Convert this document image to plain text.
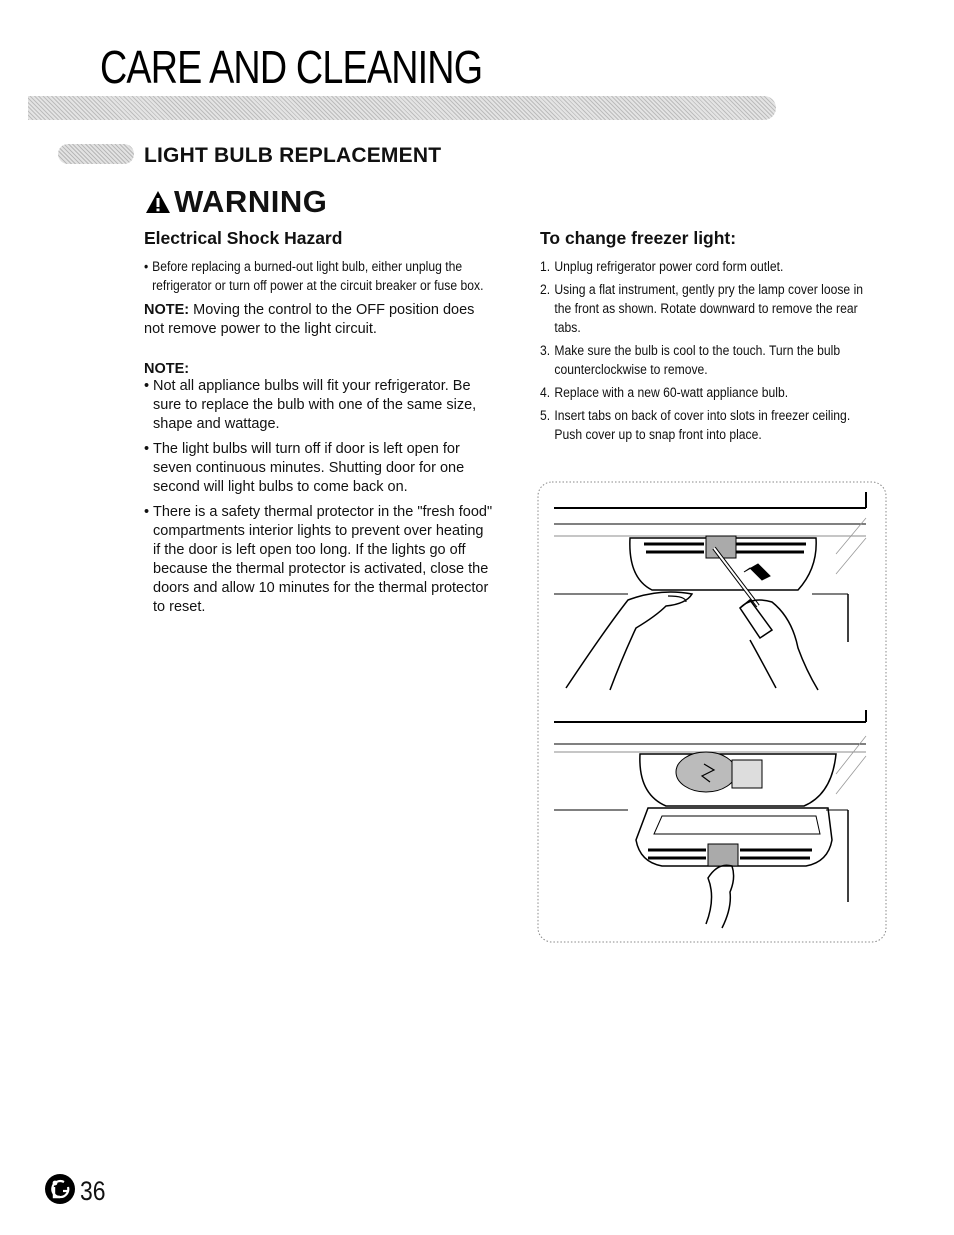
CARE AND CLEANING
LIGHT BULB REPLACEMENT
WARNING
Electrical Shock Hazard
• Before replacing a burned-out light bulb, either unplug the refrigerator or turn off power at the circuit breaker or fuse box.
NOTE: Moving the control to the OFF position does not remove power to the light circuit.
NOTE:
• Not all appliance bulbs will fit your refrigerator. Be sure to replace the bulb with one of the same size, shape and wattage.
• The light bulbs will turn off if door is left open for seven continuous minutes. Shutting door for one second will light bulbs to come back on.
• There is a safety thermal protector in the "fresh food" compartments interior lights to prevent over heating if the door is left open too long. If the lights go off because the thermal protector is activated, close the doors and allow 10 minutes for the thermal protector to reset.
To change freezer light:
1. Unplug refrigerator power cord form outlet.
2. Using a flat instrument, gently pry the lamp cover loose in the front as shown. Rotate downward to remove the rear tabs.
3. Make sure the bulb is cool to the touch. Turn the bulb counterclockwise to remove.
4. Replace with a new 60-watt appliance bulb.
5. Insert tabs on back of cover into slots in freezer ceiling.
Push cover up to snap front into place.
36
